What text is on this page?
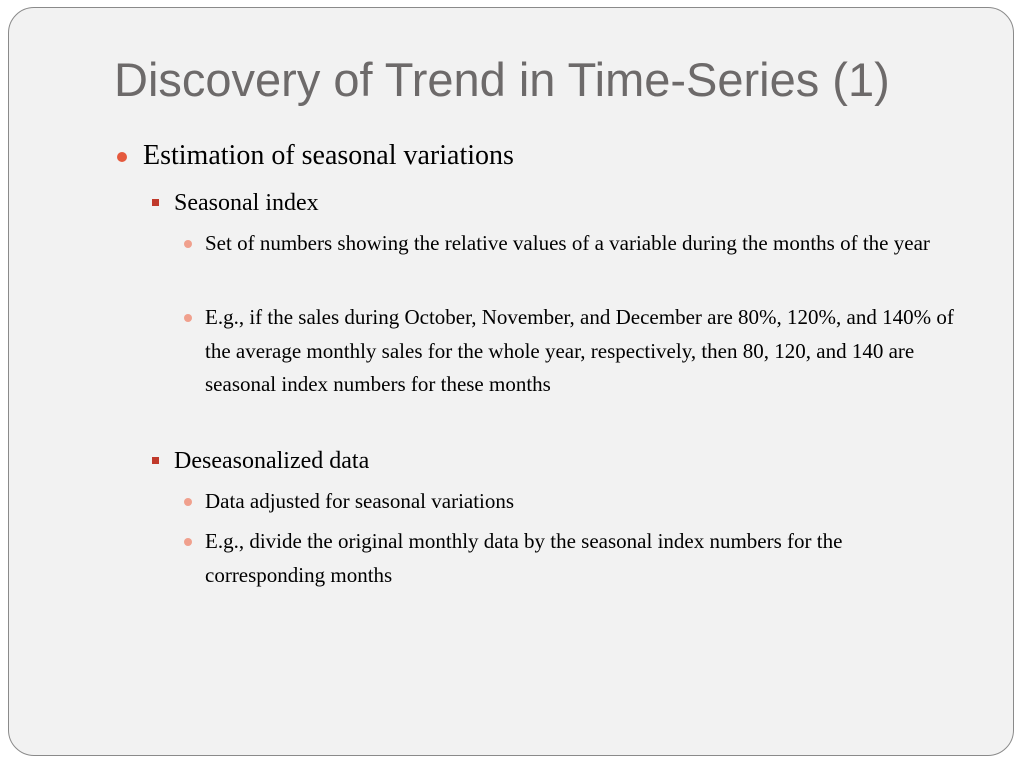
Discovery of Trend in Time-Series (1)
Estimation of seasonal variations
Seasonal index
Set of numbers showing the relative values of a variable during the months of the year
E.g., if the sales during October, November, and December are 80%, 120%, and 140% of the average monthly sales for the whole year, respectively, then 80, 120, and 140 are seasonal index numbers for these months
Deseasonalized data
Data adjusted for seasonal variations
E.g., divide the original monthly data by the seasonal index numbers for the corresponding months
